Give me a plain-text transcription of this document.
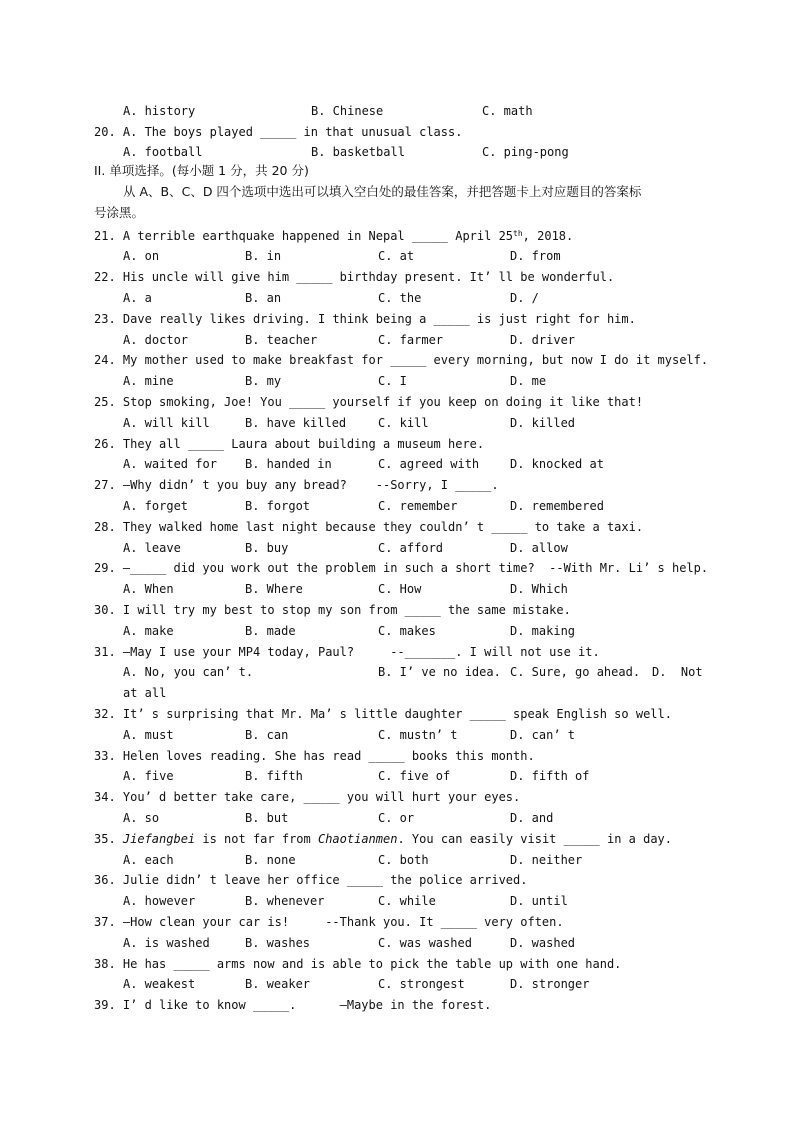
A. history

	B. Chinese

	C. math

20. A. The boys played _____ in that unusual class.

A. football

	B. basketball

	C. ping-pong

II. 单项选择。(每小题 1 分，共 20 分)

从 A、B、C、D 四个选项中选出可以填入空白处的最佳答案，并把答题卡上对应题目的答案标

号涂黑。

21. A terrible earthquake happened in Nepal _____ April 25th, 2018.

A. on

	B. in

	C. at

	D. from

22. His uncle will give him _____ birthday present. It’ ll be wonderful.

A. a

	B. an

	C. the

	D. /

23. Dave really likes driving. I think being a _____ is just right for him.

A. doctor

	B. teacher

	C. farmer

	D. driver

24. My mother used to make breakfast for _____ every morning, but now I do it myself.

A. mine

	B. my

	C. I

	D. me

25. Stop smoking, Joe! You _____ yourself if you keep on doing it like that!

A. will kill

	B. have killed

	C. kill

	D. killed

26. They all _____ Laura about building a museum here.

A. waited for

B. handed in

	C. agreed with

	D. knocked at

27. —Why didn’ t you buy any bread?    --Sorry, I _____.

A. forget

	B. forgot

	C. remember

	D. remembered

28. They walked home last night because they couldn’ t _____ to take a taxi.

A. leave

	B. buy

	C. afford

	D. allow

29. —_____ did you work out the problem in such a short time?  --With Mr. Li’ s help.

A. When

	B. Where

	C. How

	D. Which

30. I will try my best to stop my son from _____ the same mistake.

A. make

	B. made

	C. makes

	D. making

31. —May I use your MP4 today, Paul?     --_______. I will not use it.

A. No, you can’ t.

	B. I’ ve no idea.

C. Sure, go ahead.

D.  Not

at all

32. It’ s surprising that Mr. Ma’ s little daughter _____ speak English so well.

A. must

	B. can

	C. mustn’ t

	D. can’ t

33. Helen loves reading. She has read _____ books this month.

A. five

	B. fifth

	C. five of

	D. fifth of

34. You’ d better take care, _____ you will hurt your eyes.

A. so

	B. but

	C. or

	D. and

35. Jiefangbei is not far from Chaotianmen. You can easily visit _____ in a day.

A. each

	B. none

	C. both

	D. neither

36. Julie didn’ t leave her office _____ the police arrived.

A. however

	B. whenever

	C. while

	D. until

37. —How clean your car is!     --Thank you. It _____ very often.

A. is washed

	B. washes

	C. was washed

	D. washed

38. He has _____ arms now and is able to pick the table up with one hand.

A. weakest

	B. weaker

	C. strongest

	D. stronger

39. I’ d like to know _____.      —Maybe in the forest.
